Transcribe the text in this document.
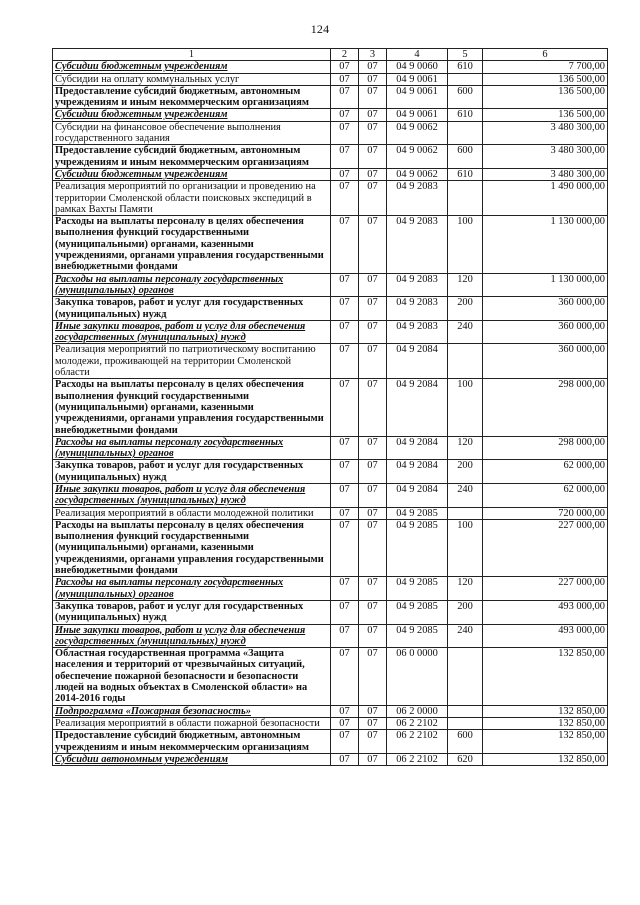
124
1	2	3	4	5	6
Субсидии бюджетным учреждениям	07	07	04 9 0060	610	7 700,00
Субсидии на оплату коммунальных услуг	07	07	04 9 0061		136 500,00
Предоставление субсидий бюджетным, автономным учреждениям и иным некоммерческим организациям	07	07	04 9 0061	600	136 500,00
Субсидии бюджетным учреждениям	07	07	04 9 0061	610	136 500,00
Субсидии на финансовое обеспечение выполнения государственного задания	07	07	04 9 0062		3 480 300,00
Предоставление субсидий бюджетным, автономным учреждениям и иным некоммерческим организациям	07	07	04 9 0062	600	3 480 300,00
Субсидии бюджетным учреждениям	07	07	04 9 0062	610	3 480 300,00
Реализация мероприятий по организации и проведению на территории Смоленской области поисковых экспедиций в рамках Вахты Памяти	07	07	04 9 2083		1 490 000,00
Расходы на выплаты персоналу в целях обеспечения выполнения функций государственными (муниципальными) органами, казенными учреждениями, органами управления государственными внебюджетными фондами	07	07	04 9 2083	100	1 130 000,00
Расходы на выплаты персоналу государственных (муниципальных) органов	07	07	04 9 2083	120	1 130 000,00
Закупка товаров, работ и услуг для государственных (муниципальных) нужд	07	07	04 9 2083	200	360 000,00
Иные закупки товаров, работ и услуг для обеспечения государственных (муниципальных) нужд	07	07	04 9 2083	240	360 000,00
Реализация мероприятий по патриотическому воспитанию молодежи, проживающей на территории Смоленской области	07	07	04 9 2084		360 000,00
Расходы на выплаты персоналу в целях обеспечения выполнения функций государственными (муниципальными) органами, казенными учреждениями, органами управления государственными внебюджетными фондами	07	07	04 9 2084	100	298 000,00
Расходы на выплаты персоналу государственных (муниципальных) органов	07	07	04 9 2084	120	298 000,00
Закупка товаров, работ и услуг для государственных (муниципальных) нужд	07	07	04 9 2084	200	62 000,00
Иные закупки товаров, работ и услуг для обеспечения государственных (муниципальных) нужд	07	07	04 9 2084	240	62 000,00
Реализация мероприятий в области молодежной политики	07	07	04 9 2085		720 000,00
Расходы на выплаты персоналу в целях обеспечения выполнения функций государственными (муниципальными) органами, казенными учреждениями, органами управления государственными внебюджетными фондами	07	07	04 9 2085	100	227 000,00
Расходы на выплаты персоналу государственных (муниципальных) органов	07	07	04 9 2085	120	227 000,00
Закупка товаров, работ и услуг для государственных (муниципальных) нужд	07	07	04 9 2085	200	493 000,00
Иные закупки товаров, работ и услуг для обеспечения государственных (муниципальных) нужд	07	07	04 9 2085	240	493 000,00
Областная государственная программа «Защита населения и территорий от чрезвычайных ситуаций, обеспечение пожарной безопасности и безопасности людей на водных объектах в Смоленской области» на 2014-2016 годы	07	07	06 0 0000		132 850,00
Подпрограмма «Пожарная безопасность»	07	07	06 2 0000		132 850,00
Реализация мероприятий в области пожарной безопасности	07	07	06 2 2102		132 850,00
Предоставление субсидий бюджетным, автономным учреждениям и иным некоммерческим организациям	07	07	06 2 2102	600	132 850,00
Субсидии автономным учреждениям	07	07	06 2 2102	620	132 850,00
